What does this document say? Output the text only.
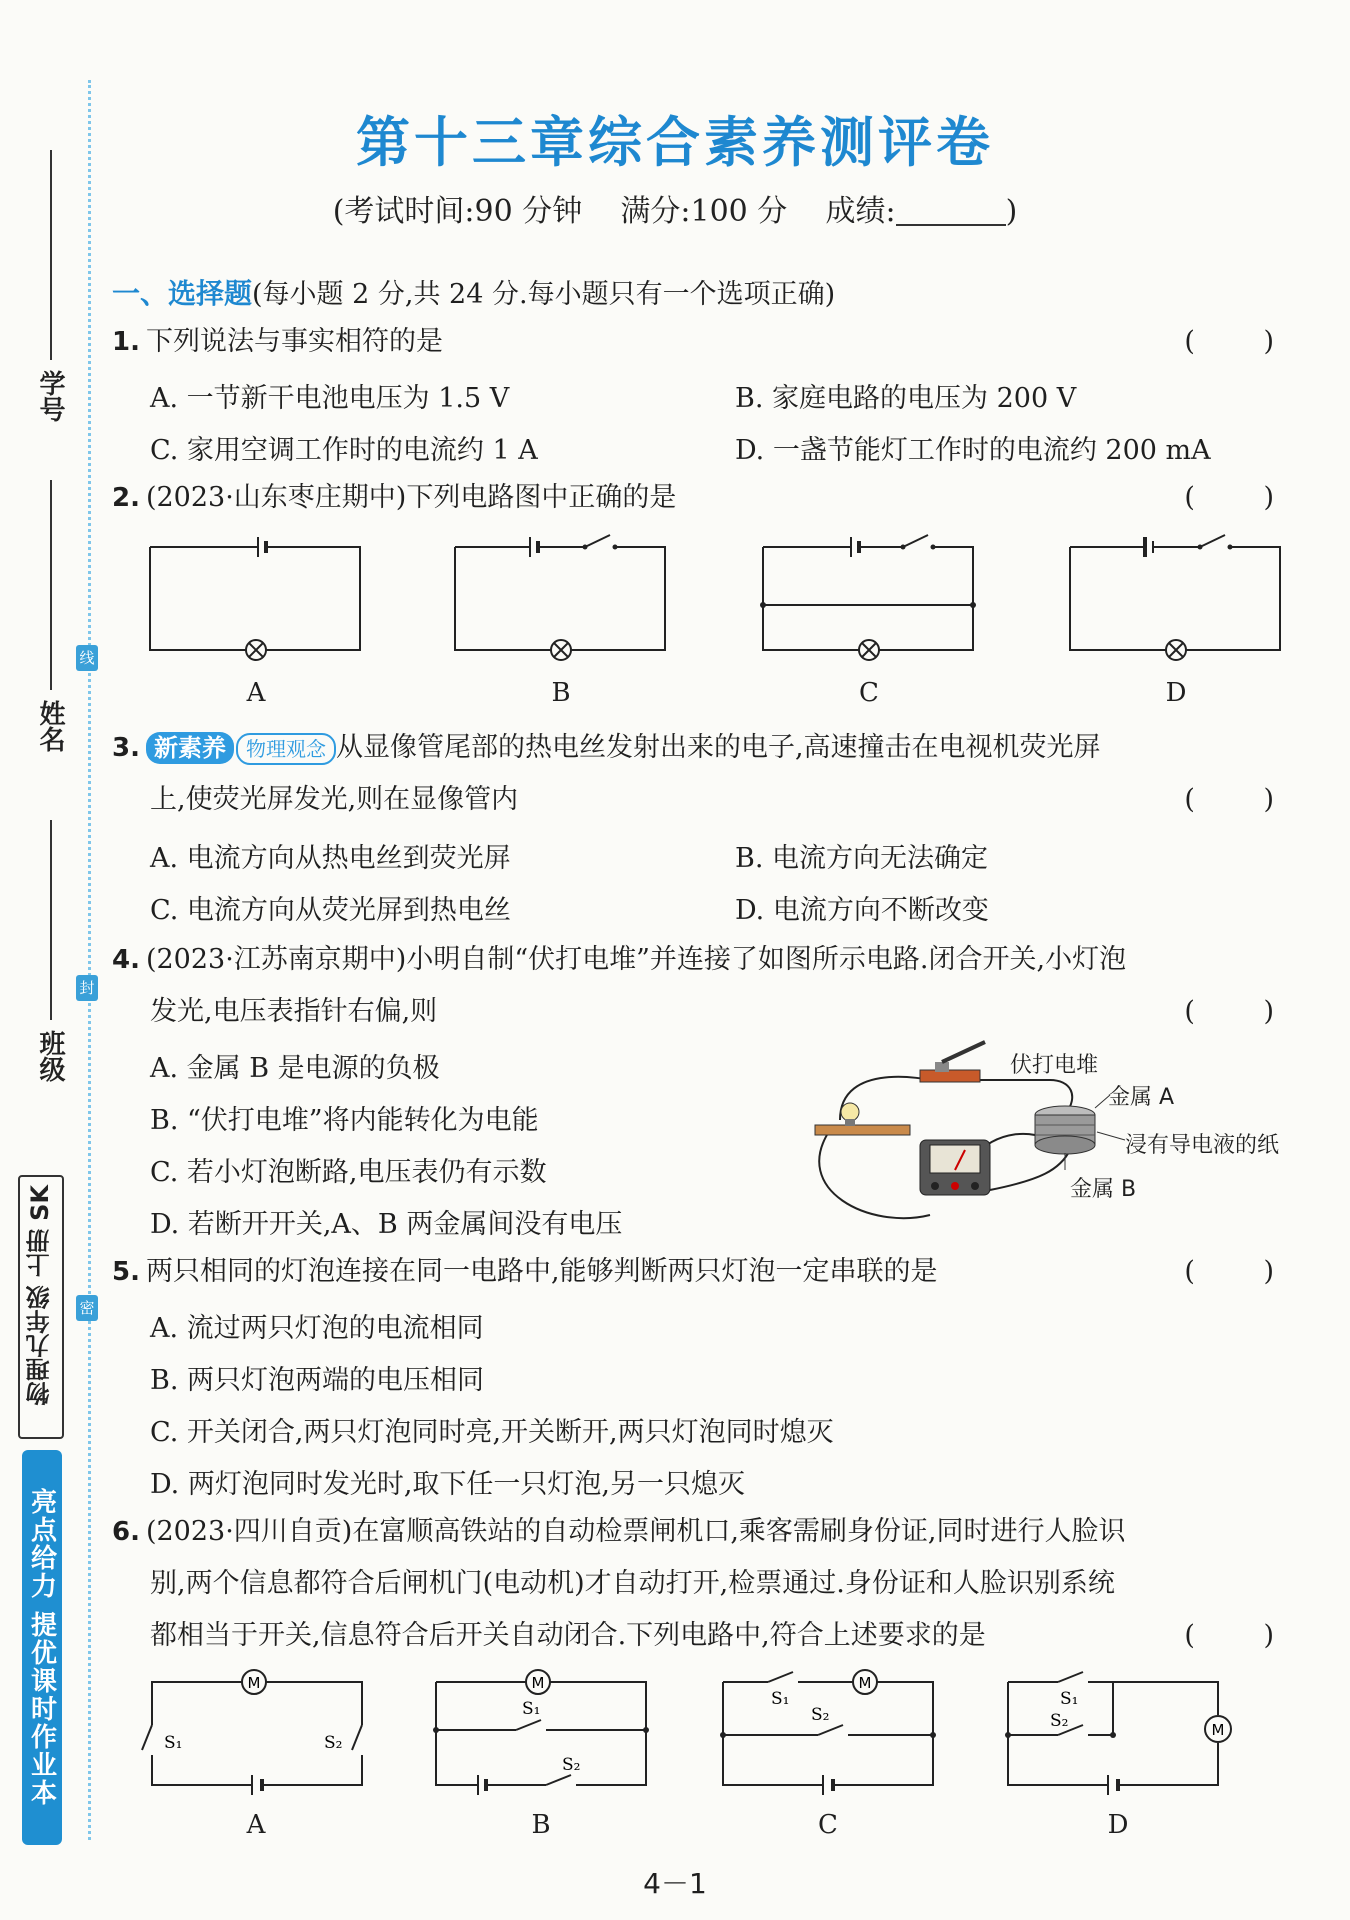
学号
姓名
班级
线
封
密
物理九年级 上册 SK
亮点给力 提优课时作业本
第十三章综合素养测评卷
(考试时间:90 分钟 满分:100 分 成绩:	)
一、选择题(每小题 2 分,共 24 分.每小题只有一个选项正确)
1. 下列说法与事实相符的是	( )
A. 一节新干电池电压为 1.5 V	B. 家庭电路的电压为 200 V
C. 家用空调工作时的电流约 1 A	D. 一盏节能灯工作时的电流约 200 mA
2. (2023·山东枣庄期中)下列电路图中正确的是	( )
A	B	C	D
3. 新素养 物理观念 从显像管尾部的热电丝发射出来的电子,高速撞击在电视机荧光屏
上,使荧光屏发光,则在显像管内	( )
A. 电流方向从热电丝到荧光屏	B. 电流方向无法确定
C. 电流方向从荧光屏到热电丝	D. 电流方向不断改变
4. (2023·江苏南京期中)小明自制“伏打电堆”并连接了如图所示电路.闭合开关,小灯泡
发光,电压表指针右偏,则	( )
A. 金属 B 是电源的负极
B. “伏打电堆”将内能转化为电能
C. 若小灯泡断路,电压表仍有示数
D. 若断开开关,A、B 两金属间没有电压
伏打电堆
金属 A
浸有导电液的纸
金属 B
5. 两只相同的灯泡连接在同一电路中,能够判断两只灯泡一定串联的是	( )
A. 流过两只灯泡的电流相同
B. 两只灯泡两端的电压相同
C. 开关闭合,两只灯泡同时亮,开关断开,两只灯泡同时熄灭
D. 两灯泡同时发光时,取下任一只灯泡,另一只熄灭
6. (2023·四川自贡)在富顺高铁站的自动检票闸机口,乘客需刷身份证,同时进行人脸识
别,两个信息都符合后闸机门(电动机)才自动打开,检票通过.身份证和人脸识别系统
都相当于开关,信息符合后开关自动闭合.下列电路中,符合上述要求的是	( )
M
S₁	S₂
M
S₁
S₂
M
S₁
S₂
M
S₁
S₂
A	B	C	D
4－1
